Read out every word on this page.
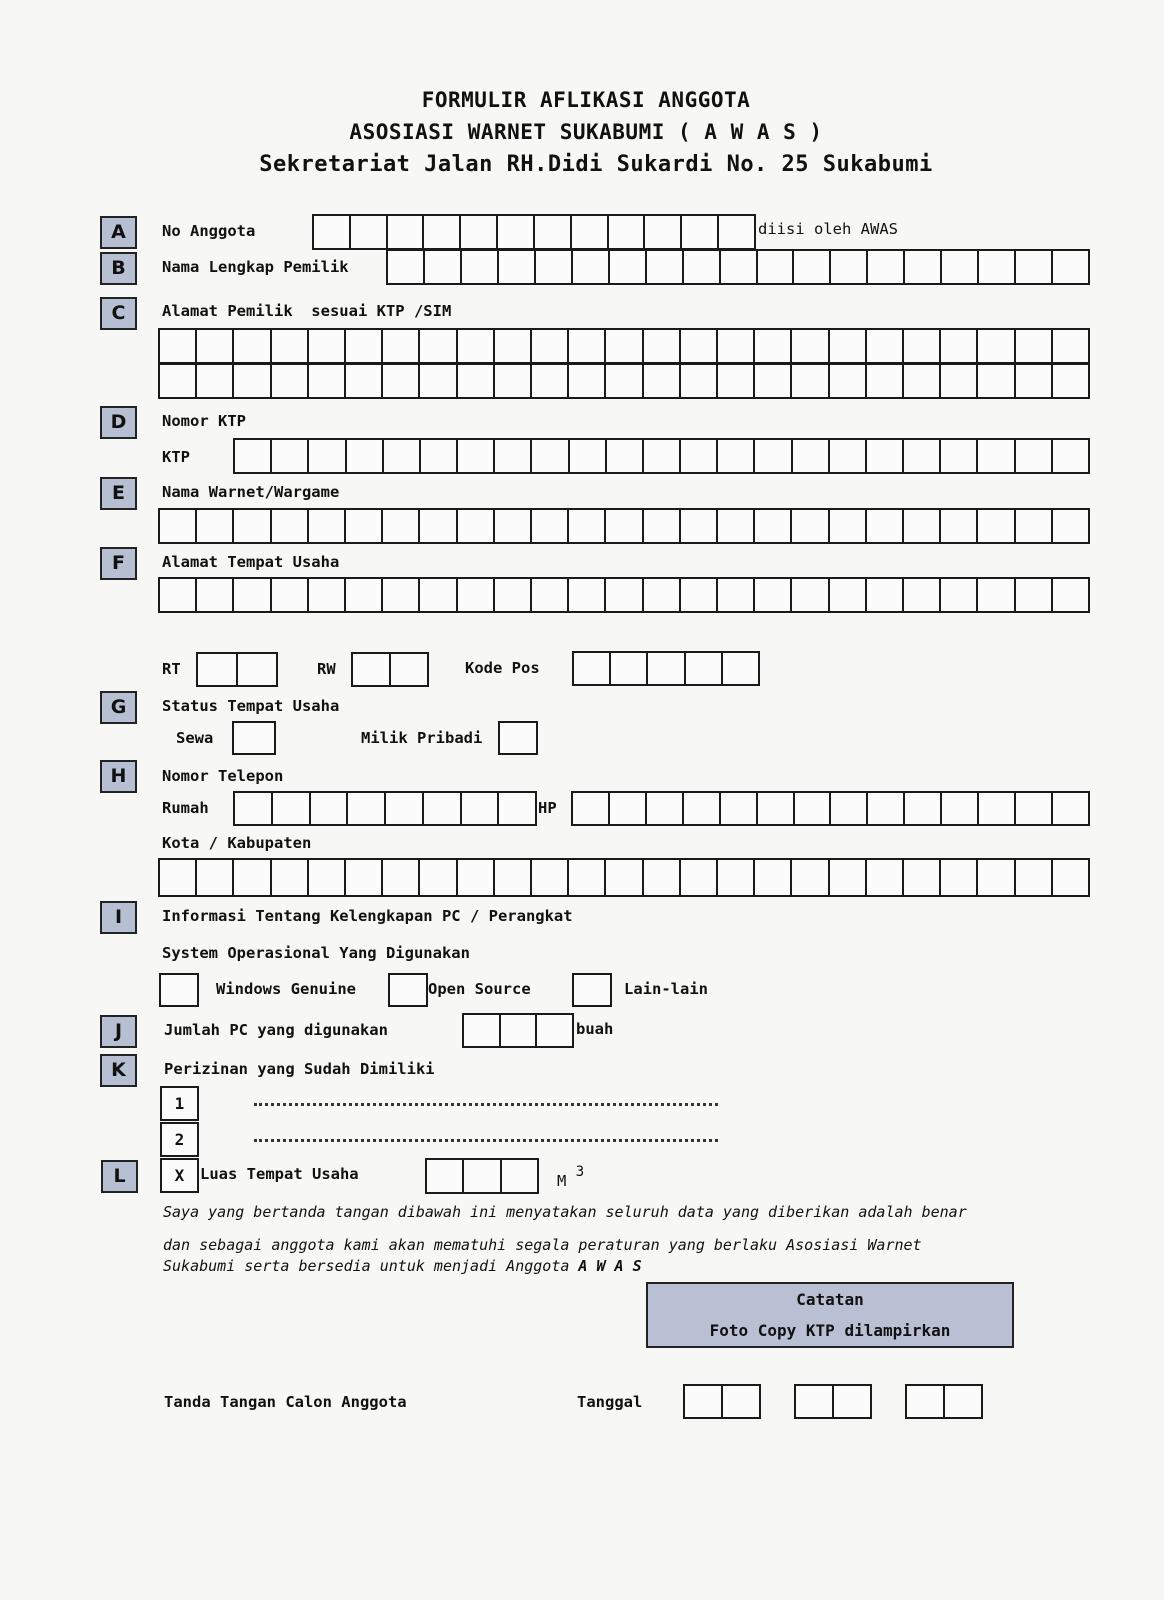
FORMULIR AFLIKASI ANGGOTA
ASOSIASI WARNET SUKABUMI ( A W A S )
Sekretariat Jalan RH.Didi Sukardi No. 25 Sukabumi
A	No Anggota	diisi oleh AWAS
B	Nama Lengkap Pemilik
C	Alamat Pemilik  sesuai KTP /SIM
D	Nomor KTP
KTP
E	Nama Warnet/Wargame
F	Alamat Tempat Usaha
RT	RW	Kode Pos
G	Status Tempat Usaha
Sewa	Milik Pribadi
H	Nomor Telepon
Rumah	HP
Kota / Kabupaten
I	Informasi Tentang Kelengkapan PC / Perangkat
System Operasional Yang Digunakan
Windows Genuine	Open Source	Lain-lain
J	Jumlah PC yang digunakan	buah
K	Perizinan yang Sudah Dimiliki
1
2
L	X	Luas Tempat Usaha	M $^3$
Saya yang bertanda tangan dibawah ini menyatakan seluruh data yang diberikan adalah benar
dan sebagai anggota kami akan mematuhi segala peraturan yang berlaku Asosiasi Warnet
Sukabumi serta bersedia untuk menjadi Anggota A W A S
Catatan
Foto Copy KTP dilampirkan
Tanda Tangan Calon Anggota	Tanggal
